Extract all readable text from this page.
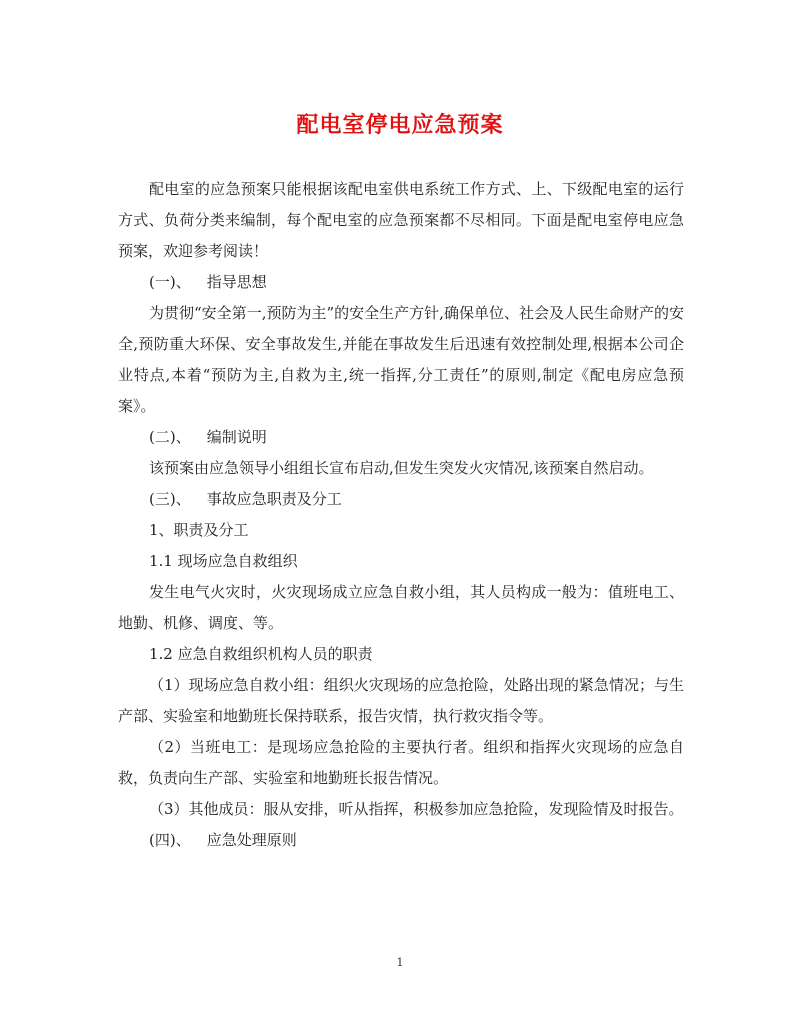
配电室停电应急预案

配电室的应急预案只能根据该配电室供电系统工作方式、上、下级配电室的运行方式、负荷分类来编制，每个配电室的应急预案都不尽相同。下面是配电室停电应急预案，欢迎参考阅读！

(一)、 指导思想

为贯彻“安全第一,预防为主”的安全生产方针,确保单位、社会及人民生命财产的安全,预防重大环保、安全事故发生,并能在事故发生后迅速有效控制处理,根据本公司企业特点,本着“预防为主,自救为主,统一指挥,分工责任”的原则,制定《配电房应急预案》。

(二)、 编制说明

该预案由应急领导小组组长宣布启动,但发生突发火灾情况,该预案自然启动。

(三)、 事故应急职责及分工

1、职责及分工

1.1 现场应急自救组织

发生电气火灾时，火灾现场成立应急自救小组，其人员构成一般为：值班电工、地勤、机修、调度、等。

1.2 应急自救组织机构人员的职责

（1）现场应急自救小组：组织火灾现场的应急抢险，处路出现的紧急情况；与生产部、实验室和地勤班长保持联系，报告灾情，执行救灾指令等。

（2）当班电工：是现场应急抢险的主要执行者。组织和指挥火灾现场的应急自救，负责向生产部、实验室和地勤班长报告情况。

（3）其他成员：服从安排，听从指挥，积极参加应急抢险，发现险情及时报告。

(四)、 应急处理原则

1
